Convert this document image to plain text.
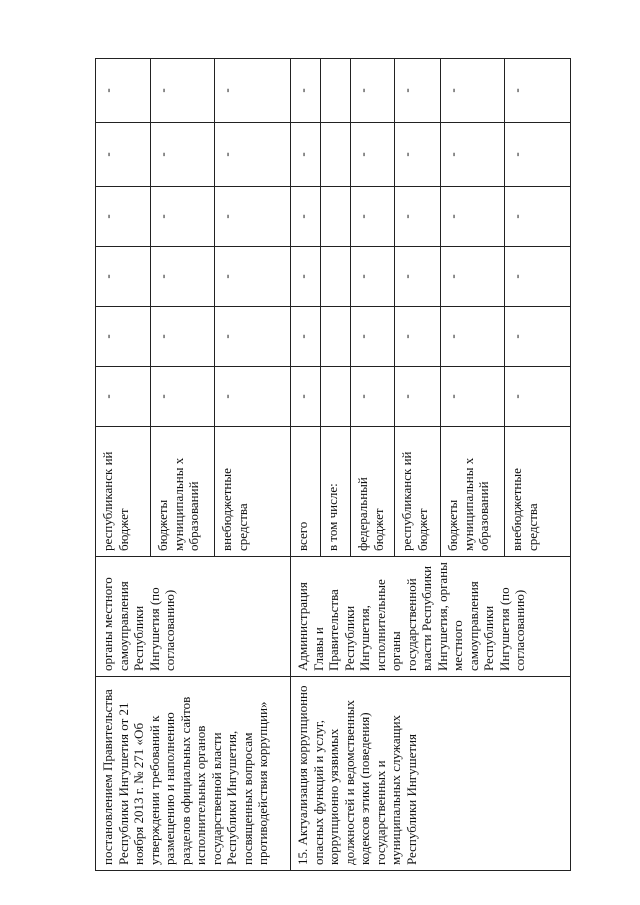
постановлением Правительства Республики Ингушетия от 21 ноября 2013 г. № 271 «Об утверждении требований к размещению и наполнению разделов официальных сайтов исполнительных органов государственной власти Республики Ингушетия, посвященных вопросам противодействия коррупции»	органы местного самоуправления Республики Ингушетия (по согласованию)	республиканск ий бюджет	-	-	-	-	-	-
		бюджеты муниципальны х образований	-	-	-	-	-	-
		внебюджетные средства	-	-	-	-	-	-
15. Актуализация коррупционно опасных функций и услуг, коррупционно уязвимых должностей и ведомственных кодексов этики (поведения) государственных и муниципальных служащих Республики Ингушетия	Администрация Главы и Правительства Республики Ингушетия, исполнительные органы государственной власти Республики Ингушетия, органы местного самоуправления Республики Ингушетия (по согласованию)	всего	-	-	-	-	-	-
		в том числе:						
		федеральный бюджет	-	-	-	-	-	-
		республиканск ий бюджет	-	-	-	-	-	-
		бюджеты муниципальны х образований	-	-	-	-	-	-
		внебюджетные средства	-	-	-	-	-	-
